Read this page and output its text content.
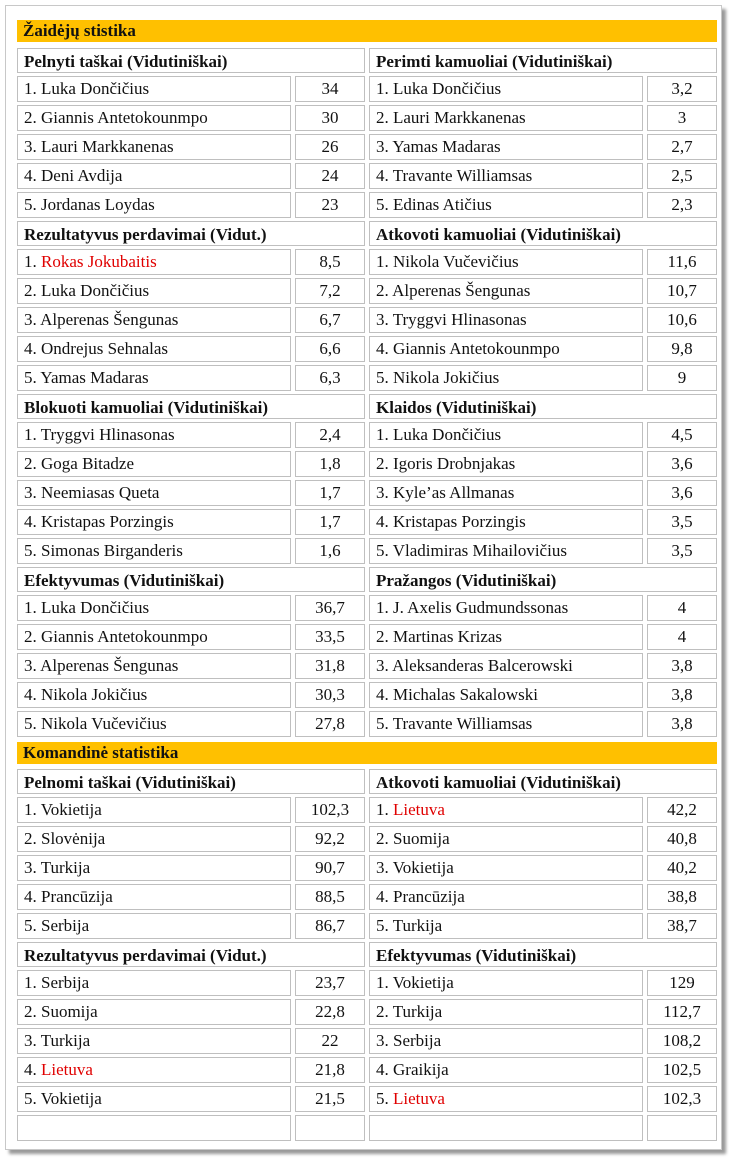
Žaidėjų stistika
Pelnyti taškai (Vidutiniškai)
1. Luka Dončičius	34
2. Giannis Antetokounmpo	30
3. Lauri Markkanenas	26
4. Deni Avdija	24
5. Jordanas Loydas	23
Perimti kamuoliai (Vidutiniškai)
1. Luka Dončičius	3,2
2. Lauri Markkanenas	3
3. Yamas Madaras	2,7
4. Travante Williamsas	2,5
5. Edinas Atičius	2,3
Rezultatyvus perdavimai (Vidut.)
1. Rokas Jokubaitis	8,5
2. Luka Dončičius	7,2
3. Alperenas Šengunas	6,7
4. Ondrejus Sehnalas	6,6
5. Yamas Madaras	6,3
Atkovoti kamuoliai (Vidutiniškai)
1. Nikola Vučevičius	11,6
2. Alperenas Šengunas	10,7
3. Tryggvi Hlinasonas	10,6
4. Giannis Antetokounmpo	9,8
5. Nikola Jokičius	9
Blokuoti kamuoliai (Vidutiniškai)
1. Tryggvi Hlinasonas	2,4
2. Goga Bitadze	1,8
3. Neemiasas Queta	1,7
4. Kristapas Porzingis	1,7
5. Simonas Birganderis	1,6
Klaidos (Vidutiniškai)
1. Luka Dončičius	4,5
2. Igoris Drobnjakas	3,6
3. Kyle’as Allmanas	3,6
4. Kristapas Porzingis	3,5
5. Vladimiras Mihailovičius	3,5
Efektyvumas (Vidutiniškai)
1. Luka Dončičius	36,7
2. Giannis Antetokounmpo	33,5
3. Alperenas Šengunas	31,8
4. Nikola Jokičius	30,3
5. Nikola Vučevičius	27,8
Pražangos (Vidutiniškai)
1. J. Axelis Gudmundssonas	4
2. Martinas Krizas	4
3. Aleksanderas Balcerowski	3,8
4. Michalas Sakalowski	3,8
5. Travante Williamsas	3,8
Komandinė statistika
Pelnomi taškai (Vidutiniškai)
1. Vokietija	102,3
2. Slovėnija	92,2
3. Turkija	90,7
4. Prancūzija	88,5
5. Serbija	86,7
Atkovoti kamuoliai (Vidutiniškai)
1. Lietuva	42,2
2. Suomija	40,8
3. Vokietija	40,2
4. Prancūzija	38,8
5. Turkija	38,7
Rezultatyvus perdavimai (Vidut.)
1. Serbija	23,7
2. Suomija	22,8
3. Turkija	22
4. Lietuva	21,8
5. Vokietija	21,5
Efektyvumas (Vidutiniškai)
1. Vokietija	129
2. Turkija	112,7
3. Serbija	108,2
4. Graikija	102,5
5. Lietuva	102,3
